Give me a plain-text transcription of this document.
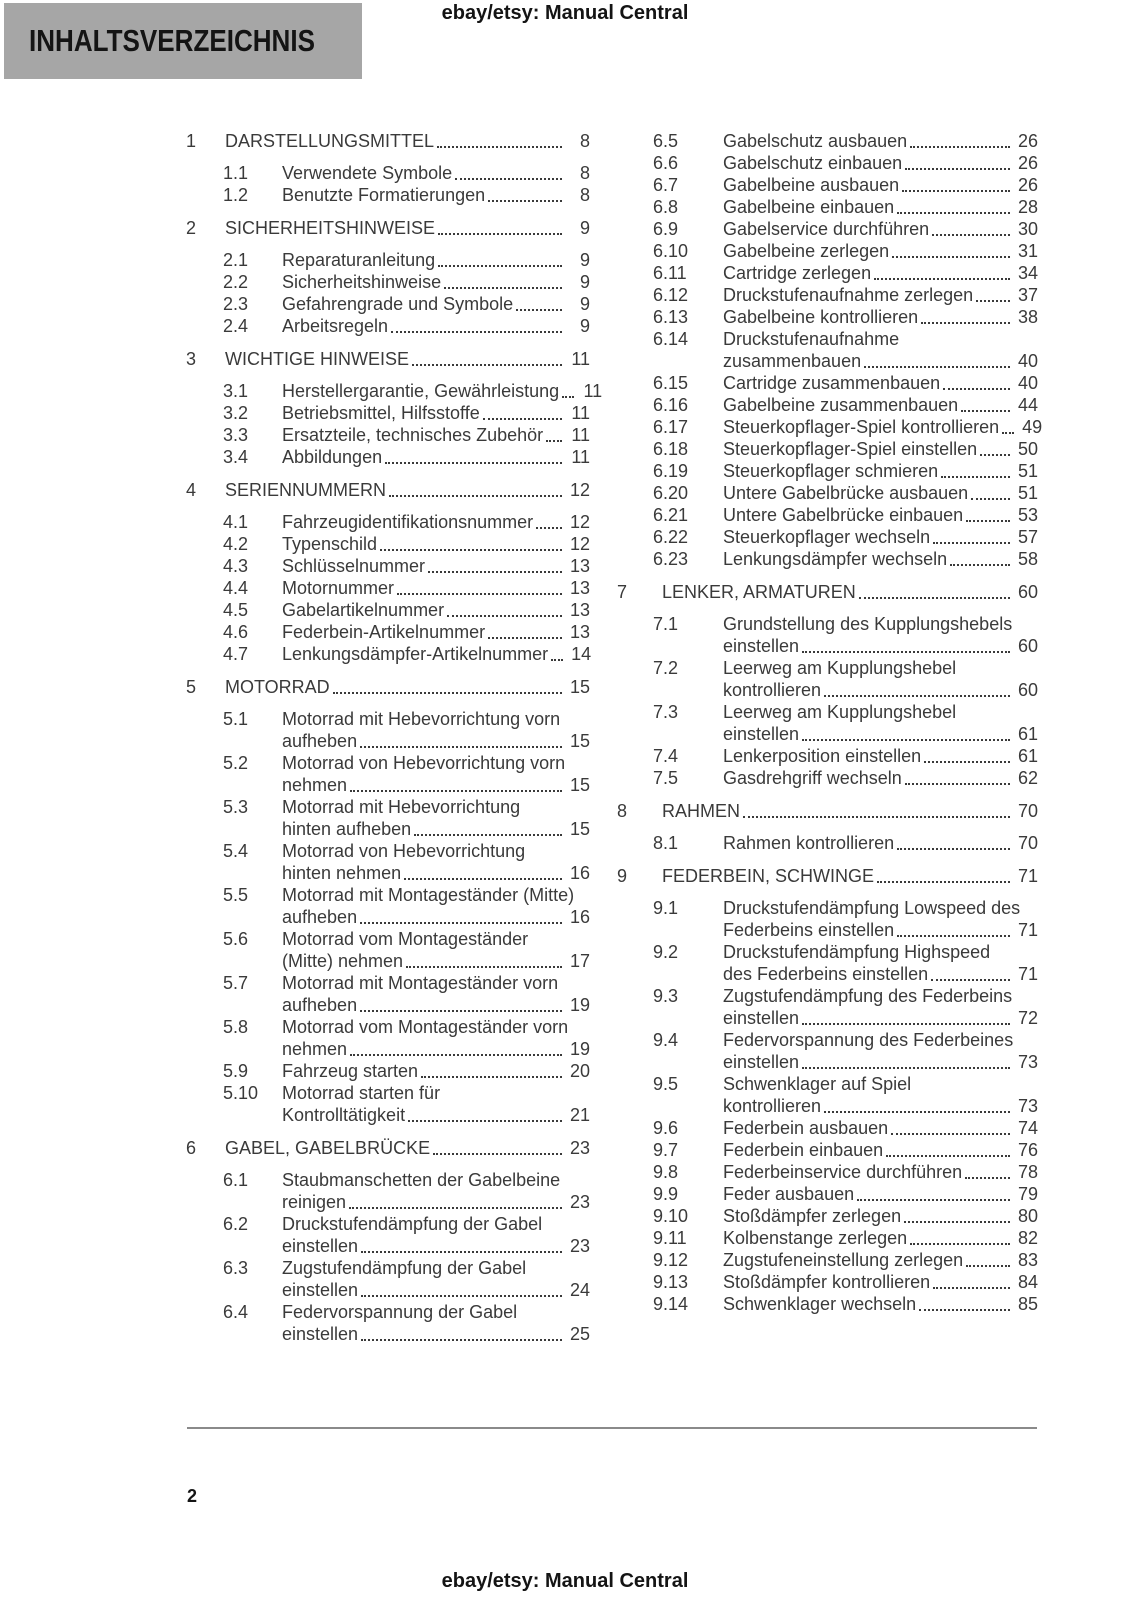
ebay/etsy: Manual Central
INHALTSVERZEICHNIS
1	DARSTELLUNGSMITTEL	8
1.1	Verwendete Symbole	8
1.2	Benutzte Formatierungen	8
2	SICHERHEITSHINWEISE	9
2.1	Reparaturanleitung	9
2.2	Sicherheitshinweise	9
2.3	Gefahrengrade und Symbole	9
2.4	Arbeitsregeln	9
3	WICHTIGE HINWEISE	11
3.1	Herstellergarantie, Gewährleistung 11
3.2	Betriebsmittel, Hilfsstoffe	11
3.3	Ersatzteile, technisches Zubehör 11
3.4	Abbildungen	11
4	SERIENNUMMERN	12
4.1	Fahrzeugidentifikationsnummer 12
4.2	Typenschild	12
4.3	Schlüsselnummer	13
4.4	Motornummer	13
4.5	Gabelartikelnummer	13
4.6	Federbein-Artikelnummer	13
4.7	Lenkungsdämpfer-Artikelnummer 14
5	MOTORRAD	15
5.1	Motorrad mit Hebevorrichtung vorn
aufheben	15
5.2	Motorrad von Hebevorrichtung vorn
nehmen	15
5.3	Motorrad mit Hebevorrichtung
hinten aufheben	15
5.4	Motorrad von Hebevorrichtung
hinten nehmen	16
5.5	Motorrad mit Montageständer (Mitte)
aufheben	16
5.6	Motorrad vom Montageständer
(Mitte) nehmen	17
5.7	Motorrad mit Montageständer vorn
aufheben	19
5.8	Motorrad vom Montageständer vorn
nehmen	19
5.9	Fahrzeug starten	20
5.10	Motorrad starten für
Kontrolltätigkeit	21
6	GABEL, GABELBRÜCKE	23
6.1	Staubmanschetten der Gabelbeine
reinigen	23
6.2	Druckstufendämpfung der Gabel
einstellen	23
6.3	Zugstufendämpfung der Gabel
einstellen	24
6.4	Federvorspannung der Gabel
einstellen	25
6.5	Gabelschutz ausbauen	26
6.6	Gabelschutz einbauen	26
6.7	Gabelbeine ausbauen	26
6.8	Gabelbeine einbauen	28
6.9	Gabelservice durchführen	30
6.10	Gabelbeine zerlegen	31
6.11	Cartridge zerlegen	34
6.12	Druckstufenaufnahme zerlegen 37
6.13	Gabelbeine kontrollieren	38
6.14	Druckstufenaufnahme
zusammenbauen	40
6.15	Cartridge zusammenbauen	40
6.16	Gabelbeine zusammenbauen	44
6.17	Steuerkopflager-Spiel kontrollieren 49
6.18	Steuerkopflager-Spiel einstellen 50
6.19	Steuerkopflager schmieren	51
6.20	Untere Gabelbrücke ausbauen	51
6.21	Untere Gabelbrücke einbauen	53
6.22	Steuerkopflager wechseln	57
6.23	Lenkungsdämpfer wechseln	58
7	LENKER, ARMATUREN	60
7.1	Grundstellung des Kupplungshebels
einstellen	60
7.2	Leerweg am Kupplungshebel
kontrollieren	60
7.3	Leerweg am Kupplungshebel
einstellen	61
7.4	Lenkerposition einstellen	61
7.5	Gasdrehgriff wechseln	62
8	RAHMEN	70
8.1	Rahmen kontrollieren	70
9	FEDERBEIN, SCHWINGE	71
9.1	Druckstufendämpfung Lowspeed des
Federbeins einstellen	71
9.2	Druckstufendämpfung Highspeed
des Federbeins einstellen	71
9.3	Zugstufendämpfung des Federbeins
einstellen	72
9.4	Federvorspannung des Federbeines
einstellen	73
9.5	Schwenklager auf Spiel
kontrollieren	73
9.6	Federbein ausbauen	74
9.7	Federbein einbauen	76
9.8	Federbeinservice durchführen	78
9.9	Feder ausbauen	79
9.10	Stoßdämpfer zerlegen	80
9.11	Kolbenstange zerlegen	82
9.12	Zugstufeneinstellung zerlegen	83
9.13	Stoßdämpfer kontrollieren	84
9.14	Schwenklager wechseln	85
2
ebay/etsy: Manual Central
